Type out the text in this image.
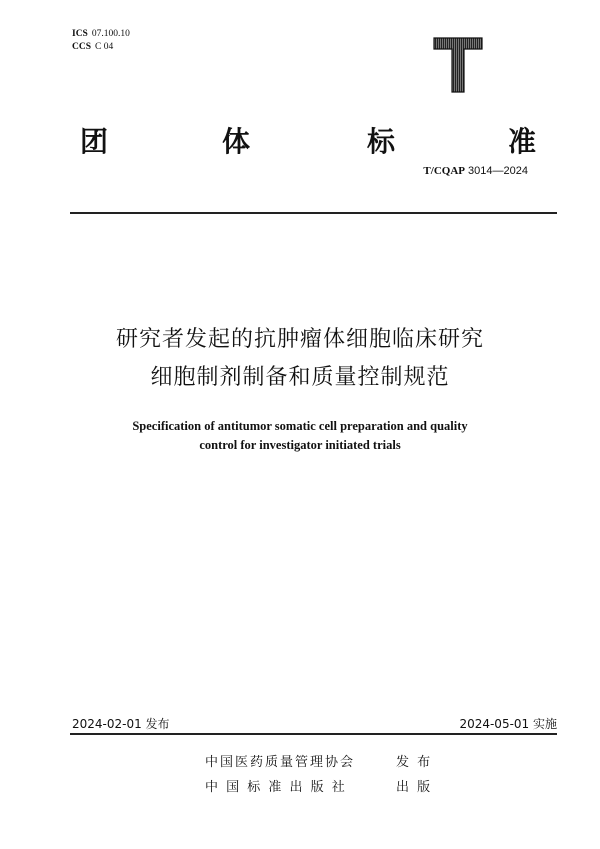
ICS 07.100.10
CCS C 04
团	体	标	准
T/CQAP 3014—2024
研究者发起的抗肿瘤体细胞临床研究
细胞制剂制备和质量控制规范
Specification of antitumor somatic cell preparation and quality
control for investigator initiated trials
2024-02-01 发布	2024-05-01 实施
中国医药质量管理协会	发 布
中 国 标 准 出 版 社	出 版
